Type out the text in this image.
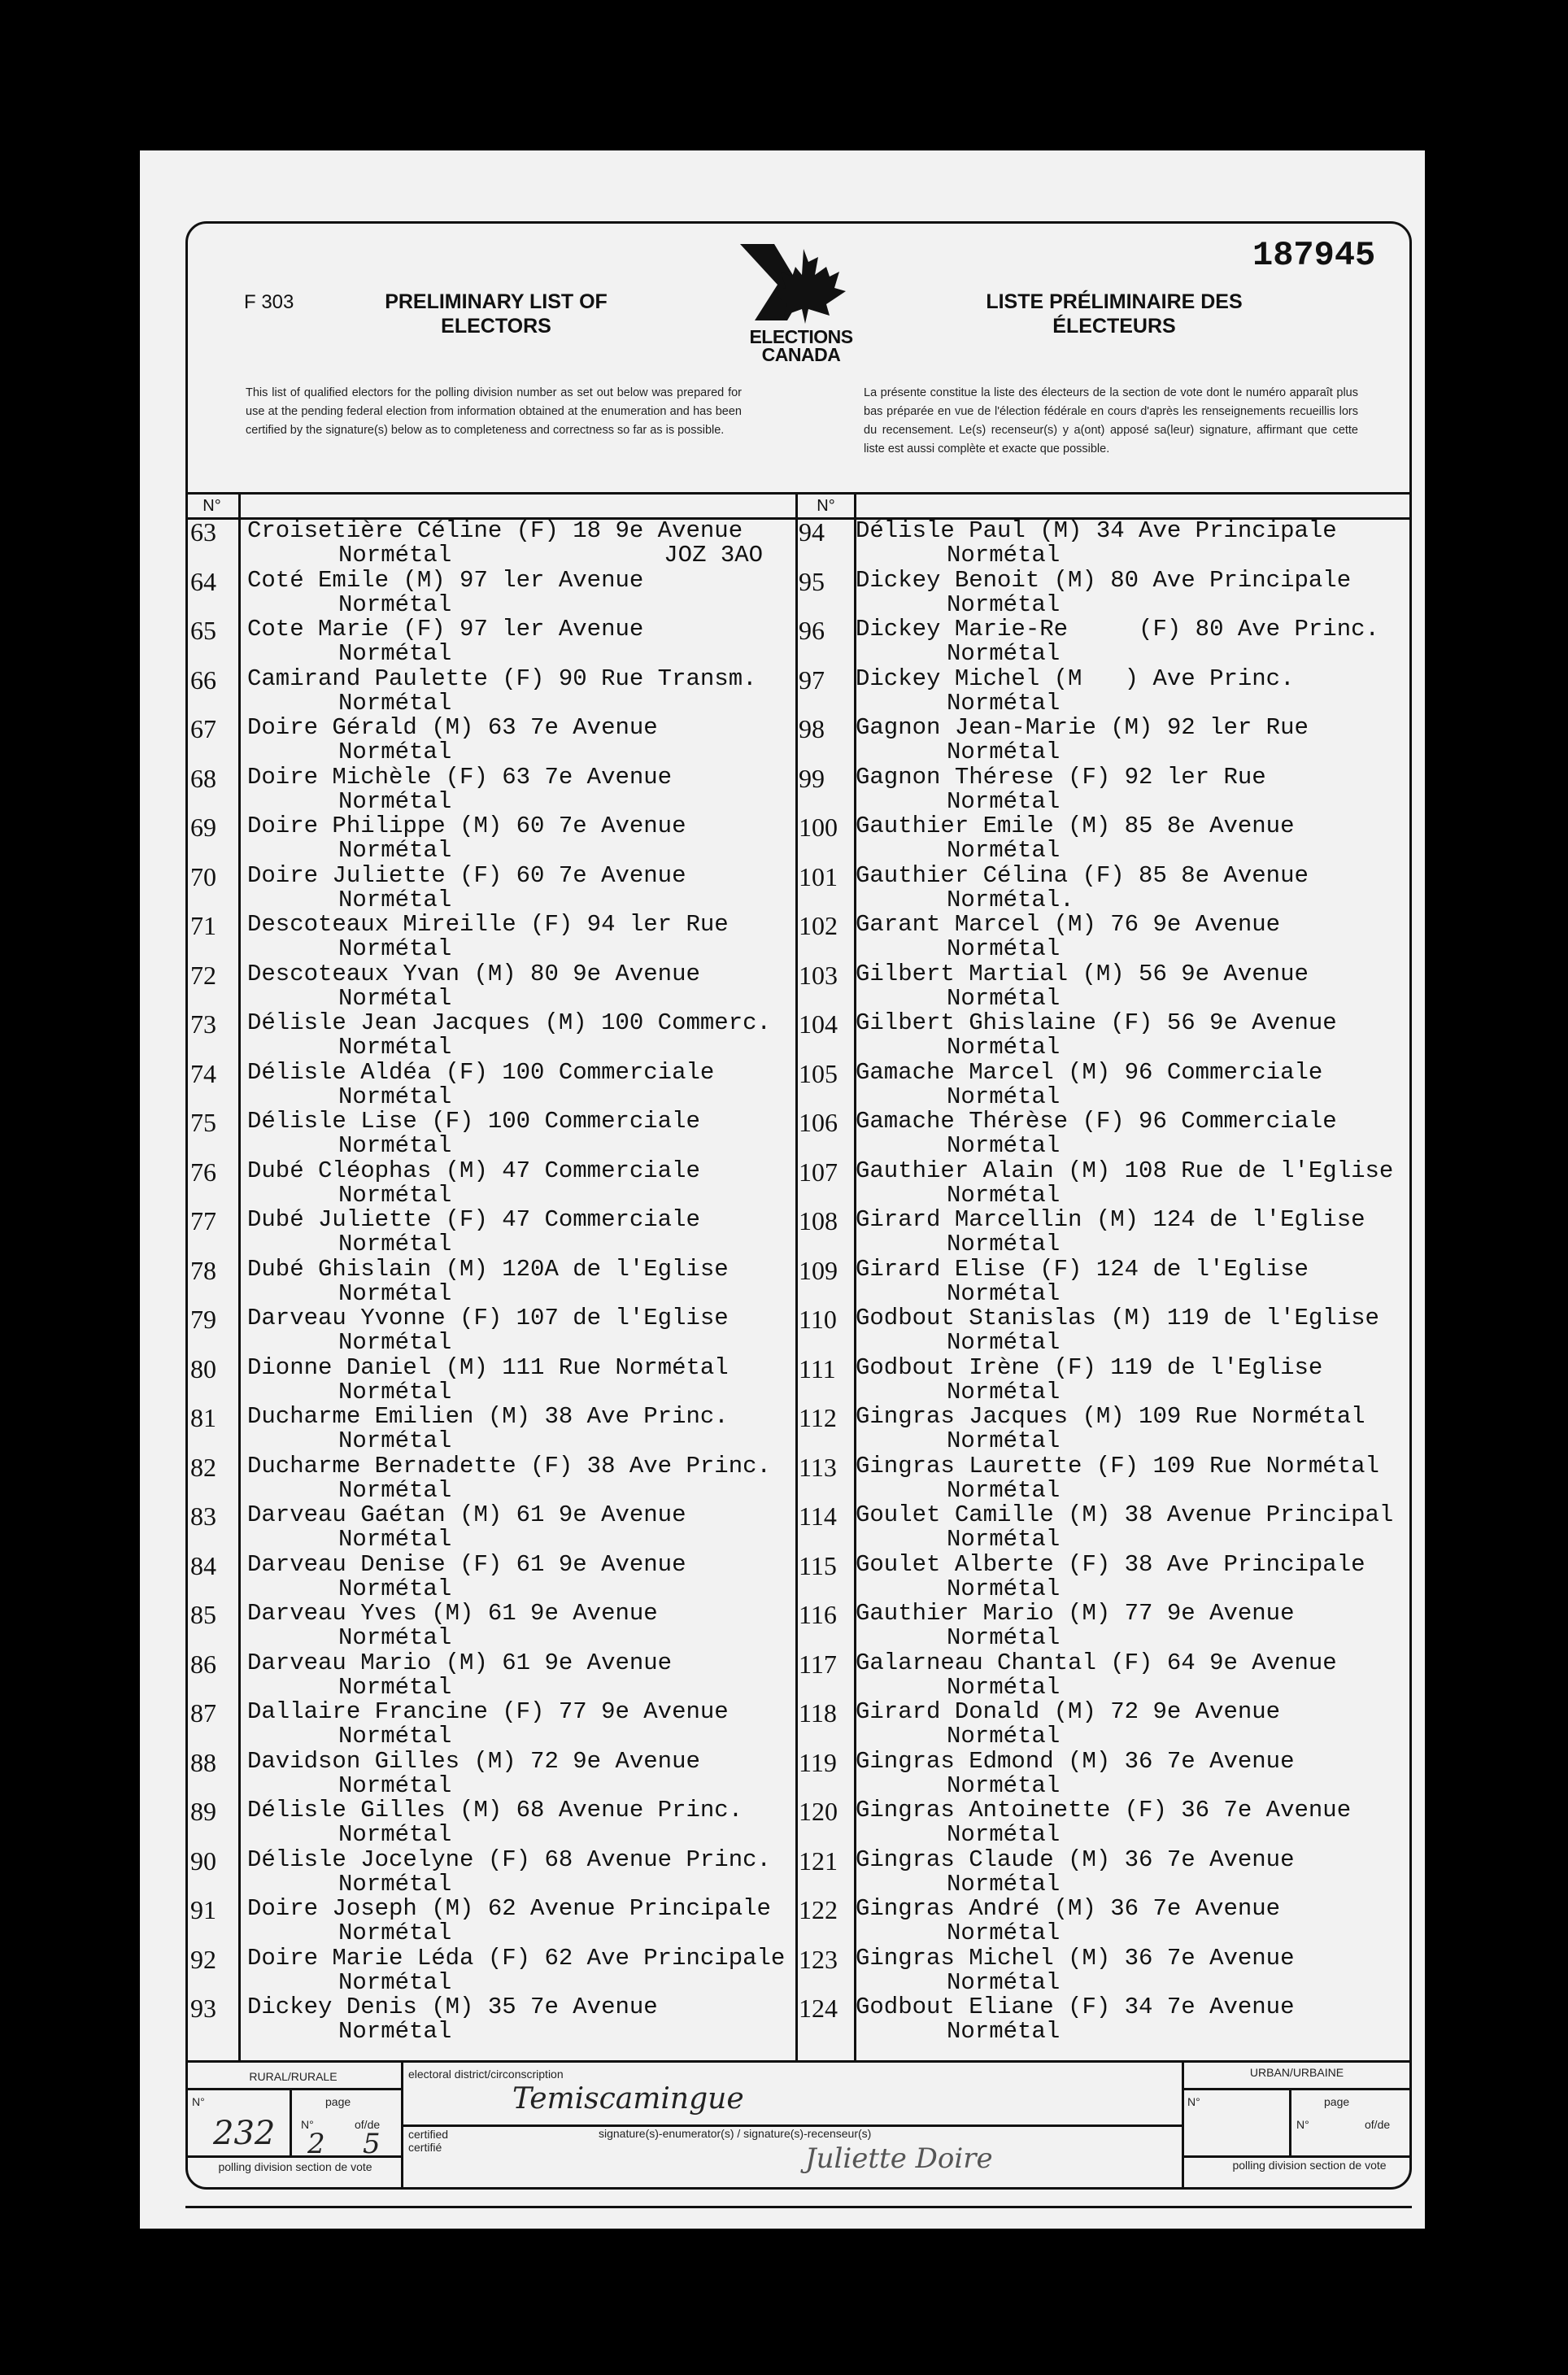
F 303
187945
PRELIMINARY LIST OF ELECTORS
LISTE PRÉLIMINAIRE DES ÉLECTEURS
ELECTIONS
CANADA
This list of qualified electors for the polling division number as set out below was prepared for use at the pending federal election from information obtained at the enumeration and has been certified by the signature(s) below as to completeness and correctness so far as is possible.
La présente constitue la liste des électeurs de la section de vote dont le numéro apparaît plus bas préparée en vue de l'élection fédérale en cours d'après les renseignements recueillis lors du recensement. Le(s) recenseur(s) y a(ont) apposé sa(leur) signature, affirmant que cette liste est aussi complète et exacte que possible.
N°	N°
63 Croisetière Céline (F) 18 9e Avenue
Normétal               JOZ 3AO
64 Coté Emile (M) 97 ler Avenue
Normétal
65 Cote Marie (F) 97 ler Avenue
Normétal
66 Camirand Paulette (F) 90 Rue Transm.
Normétal
67 Doire Gérald (M) 63 7e Avenue
Normétal
68 Doire Michèle (F) 63 7e Avenue
Normétal
69 Doire Philippe (M) 60 7e Avenue
Normétal
70 Doire Juliette (F) 60 7e Avenue
Normétal
71 Descoteaux Mireille (F) 94 ler Rue
Normétal
72 Descoteaux Yvan (M) 80 9e Avenue
Normétal
73 Délisle Jean Jacques (M) 100 Commerc.
Normétal
74 Délisle Aldéa (F) 100 Commerciale
Normétal
75 Délisle Lise (F) 100 Commerciale
Normétal
76 Dubé Cléophas (M) 47 Commerciale
Normétal
77 Dubé Juliette (F) 47 Commerciale
Normétal
78 Dubé Ghislain (M) 120A de l'Eglise
Normétal
79 Darveau Yvonne (F) 107 de l'Eglise
Normétal
80 Dionne Daniel (M) 111 Rue Normétal
Normétal
81 Ducharme Emilien (M) 38 Ave Princ.
Normétal
82 Ducharme Bernadette (F) 38 Ave Princ.
Normétal
83 Darveau Gaétan (M) 61 9e Avenue
Normétal
84 Darveau Denise (F) 61 9e Avenue
Normétal
85 Darveau Yves (M) 61 9e Avenue
Normétal
86 Darveau Mario (M) 61 9e Avenue
Normétal
87 Dallaire Francine (F) 77 9e Avenue
Normétal
88 Davidson Gilles (M) 72 9e Avenue
Normétal
89 Délisle Gilles (M) 68 Avenue Princ.
Normétal
90 Délisle Jocelyne (F) 68 Avenue Princ.
Normétal
91 Doire Joseph (M) 62 Avenue Principale
Normétal
92 Doire Marie Léda (F) 62 Ave Principale
Normétal
93 Dickey Denis (M) 35 7e Avenue
Normétal
94 Délisle Paul (M) 34 Ave Principale
Normétal
95 Dickey Benoit (M) 80 Ave Principale
Normétal
96 Dickey Marie-Re     (F) 80 Ave Princ.
Normétal
97 Dickey Michel (M   ) Ave Princ.
Normétal
98 Gagnon Jean-Marie (M) 92 ler Rue
Normétal
99 Gagnon Thérese (F) 92 ler Rue
Normétal
100 Gauthier Emile (M) 85 8e Avenue
Normétal
101 Gauthier Célina (F) 85 8e Avenue
Normétal.
102 Garant Marcel (M) 76 9e Avenue
Normétal
103 Gilbert Martial (M) 56 9e Avenue
Normétal
104 Gilbert Ghislaine (F) 56 9e Avenue
Normétal
105 Gamache Marcel (M) 96 Commerciale
Normétal
106 Gamache Thérèse (F) 96 Commerciale
Normétal
107 Gauthier Alain (M) 108 Rue de l'Eglise
Normétal
108 Girard Marcellin (M) 124 de l'Eglise
Normétal
109 Girard Elise (F) 124 de l'Eglise
Normétal
110 Godbout Stanislas (M) 119 de l'Eglise
Normétal
111 Godbout Irène (F) 119 de l'Eglise
Normétal
112 Gingras Jacques (M) 109 Rue Normétal
Normétal
113 Gingras Laurette (F) 109 Rue Normétal
Normétal
114 Goulet Camille (M) 38 Avenue Principal
Normétal
115 Goulet Alberte (F) 38 Ave Principale
Normétal
116 Gauthier Mario (M) 77 9e Avenue
Normétal
117 Galarneau Chantal (F) 64 9e Avenue
Normétal
118 Girard Donald (M) 72 9e Avenue
Normétal
119 Gingras Edmond (M) 36 7e Avenue
Normétal
120 Gingras Antoinette (F) 36 7e Avenue
Normétal
121 Gingras Claude (M) 36 7e Avenue
Normétal
122 Gingras André (M) 36 7e Avenue
Normétal
123 Gingras Michel (M) 36 7e Avenue
Normétal
124 Godbout Eliane (F) 34 7e Avenue
Normétal
RURAL/RURALE
N°	page
N°	of/de
polling division section de vote
232 2 5
electoral district/circonscription
Temiscamingue
certified certifié
signature(s)-enumerator(s) / signature(s)-recenseur(s)
Juliette Doire
URBAN/URBAINE
N°	page
N°	of/de
polling division section de vote
